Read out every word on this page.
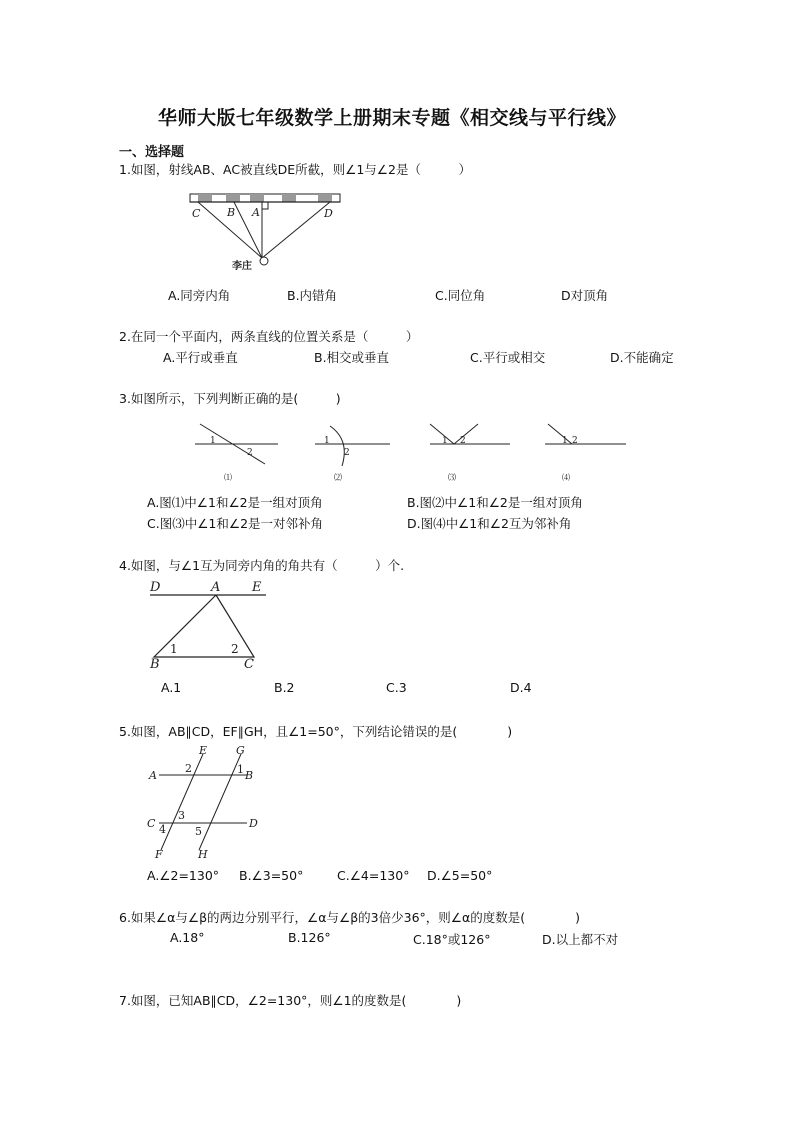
华师大版七年级数学上册期末专题《相交线与平行线》
一、选择题
1.如图，射线AB、AC被直线DE所截，则∠1与∠2是（　　　）
C B A	D
李庄
A.同旁内角	B.内错角	C.同位角	D对顶角
2.在同一个平面内，两条直线的位置关系是（　　　）
A.平行或垂直	B.相交或垂直	C.平行或相交	D.不能确定
3.如图所示，下列判断正确的是(　　　)
1
2
⑴
1
2
⑵
1 2
⑶
1 2
⑷
A.图⑴中∠1和∠2是一组对顶角	B.图⑵中∠1和∠2是一组对顶角
C.图⑶中∠1和∠2是一对邻补角	D.图⑷中∠1和∠2互为邻补角
4.如图，与∠1互为同旁内角的角共有（　　　）个.
D	A E
B	C
1	2
A.1	B.2	C.3	D.4
5.如图，AB∥CD，EF∥GH，且∠1=50°，下列结论错误的是(　　　　)
E	G
A	B
C	D
F	H
1
2
3
4	5
A.∠2=130° B.∠3=50°	C.∠4=130° D.∠5=50°
6.如果∠α与∠β的两边分别平行，∠α与∠β的3倍少36°，则∠α的度数是(　　　　)
A.18°	B.126°	C.18°或126°	D.以上都不对
7.如图，已知AB∥CD，∠2=130°，则∠1的度数是(　　　　)
